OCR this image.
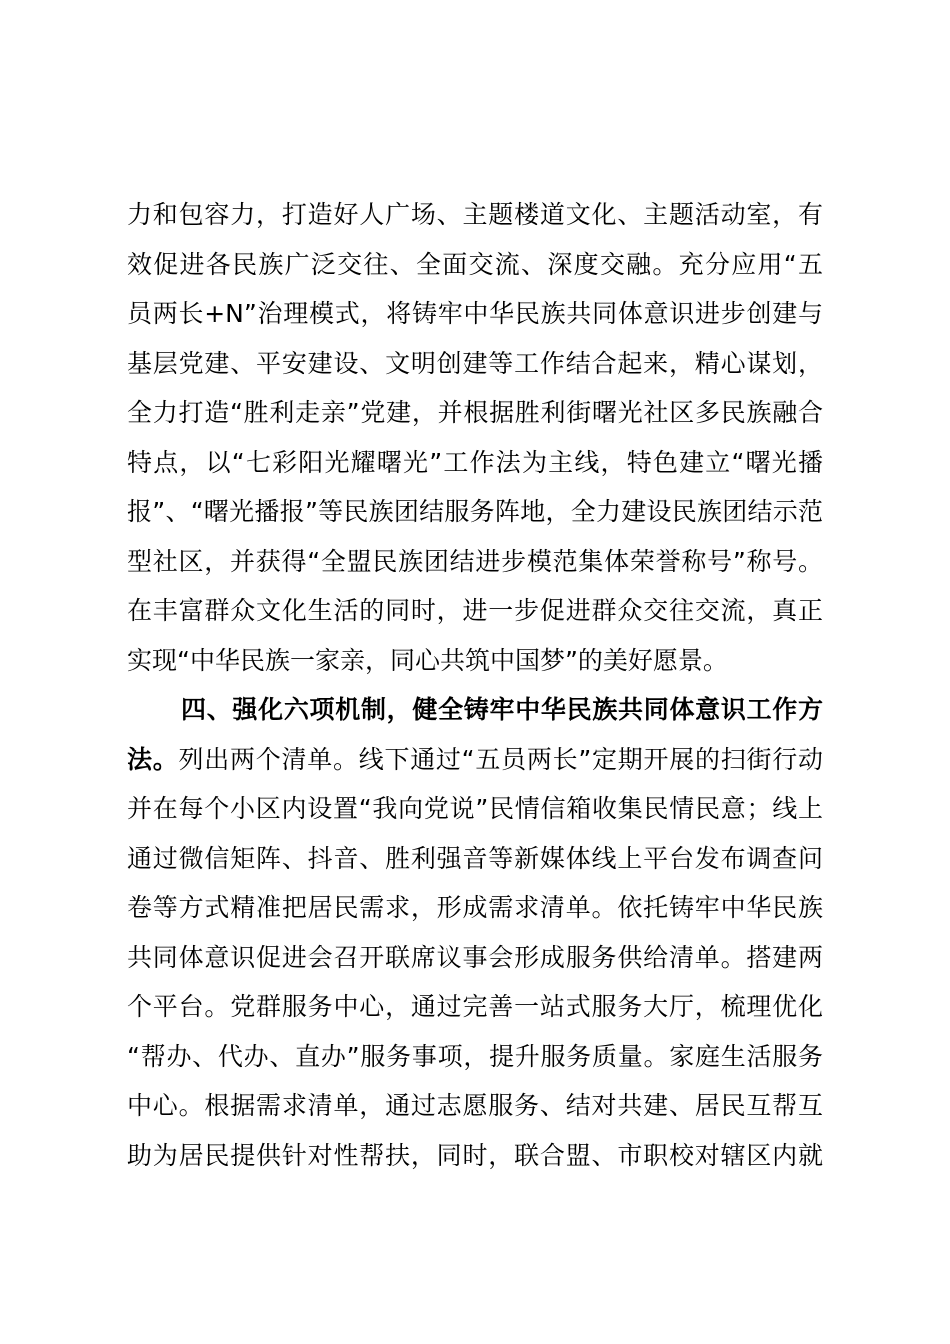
力和包容力，打造好人广场、主题楼道文化、主题活动室，有
效促进各民族广泛交往、全面交流、深度交融。充分应用“五
员两长+N”治理模式，将铸牢中华民族共同体意识进步创建与
基层党建、平安建设、文明创建等工作结合起来，精心谋划，
全力打造“胜利走亲”党建，并根据胜利街曙光社区多民族融合
特点，以“七彩阳光耀曙光”工作法为主线，特色建立“曙光播
报”、“曙光播报”等民族团结服务阵地，全力建设民族团结示范
型社区，并获得“全盟民族团结进步模范集体荣誉称号”称号。
在丰富群众文化生活的同时，进一步促进群众交往交流，真正
实现“中华民族一家亲，同心共筑中国梦”的美好愿景。
四、强化六项机制，健全铸牢中华民族共同体意识工作方
法。列出两个清单。线下通过“五员两长”定期开展的扫街行动
并在每个小区内设置“我向党说”民情信箱收集民情民意；线上
通过微信矩阵、抖音、胜利强音等新媒体线上平台发布调查问
卷等方式精准把居民需求，形成需求清单。依托铸牢中华民族
共同体意识促进会召开联席议事会形成服务供给清单。搭建两
个平台。党群服务中心，通过完善一站式服务大厅，梳理优化
“帮办、代办、直办”服务事项，提升服务质量。家庭生活服务
中心。根据需求清单，通过志愿服务、结对共建、居民互帮互
助为居民提供针对性帮扶，同时，联合盟、市职校对辖区内就
